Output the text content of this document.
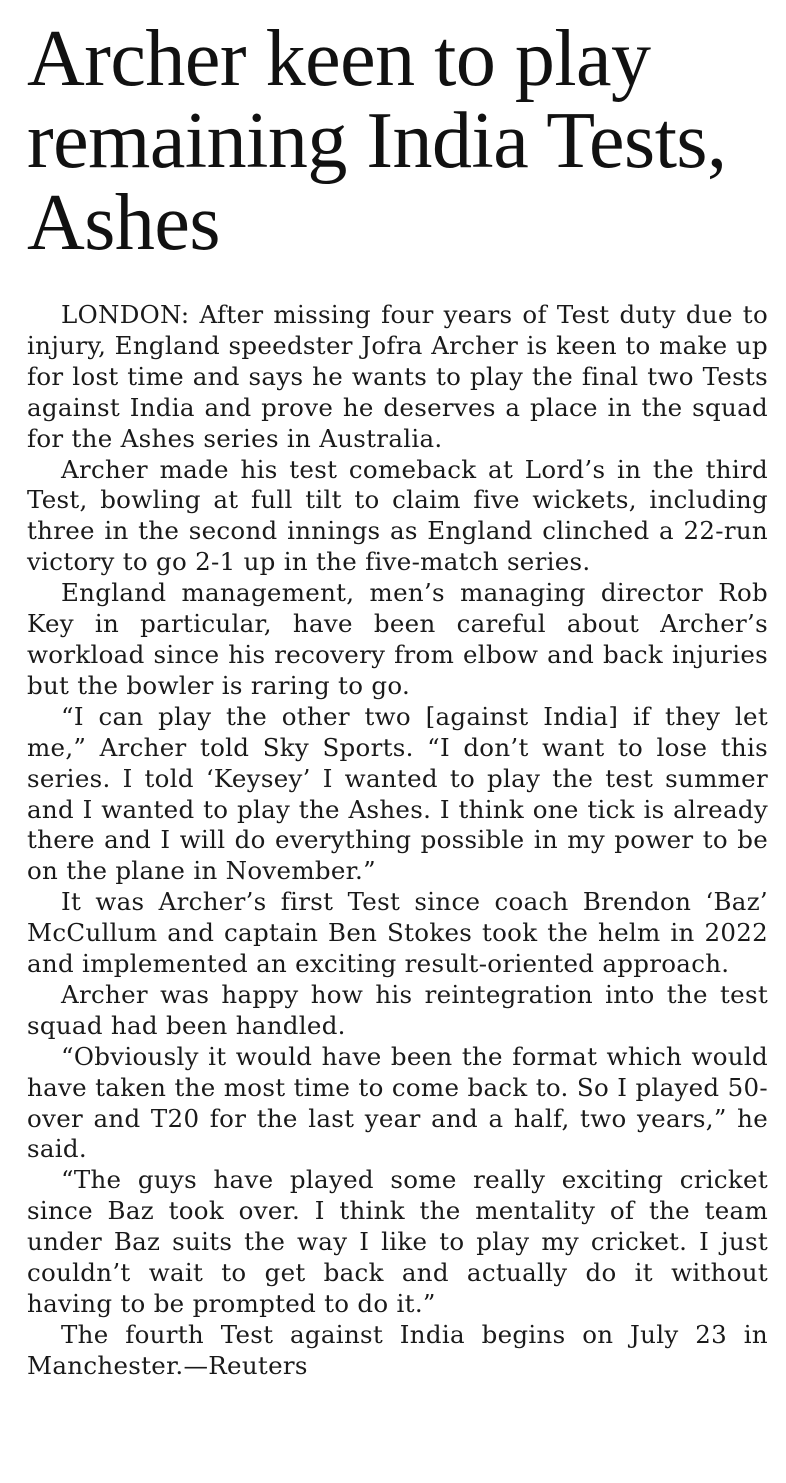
Archer keen to play remaining India Tests, Ashes

LONDON: After missing four years of Test duty due to injury, England speedster Jofra Archer is keen to make up for lost time and says he wants to play the final two Tests against India and prove he deserves a place in the squad for the Ashes series in Australia.

Archer made his test comeback at Lord’s in the third Test, bowling at full tilt to claim five wickets, including three in the second innings as England clinched a 22-run victory to go 2-1 up in the five-match series.

England management, men’s managing director Rob Key in particular, have been careful about Archer’s workload since his recovery from elbow and back injuries but the bowler is raring to go.

“I can play the other two [against India] if they let me,” Archer told Sky Sports. “I don’t want to lose this series. I told ‘Keysey’ I wanted to play the test summer and I wanted to play the Ashes. I think one tick is already there and I will do everything possible in my power to be on the plane in November.”

It was Archer’s first Test since coach Brendon ‘Baz’ McCullum and captain Ben Stokes took the helm in 2022 and implemented an exciting result-oriented approach.

Archer was happy how his reintegration into the test squad had been handled.

“Obviously it would have been the format which would have taken the most time to come back to. So I played 50-over and T20 for the last year and a half, two years,” he said.

“The guys have played some really exciting cricket since Baz took over. I think the mentality of the team under Baz suits the way I like to play my cricket. I just couldn’t wait to get back and actually do it without having to be prompted to do it.”

The fourth Test against India begins on July 23 in Manchester.—Reuters
